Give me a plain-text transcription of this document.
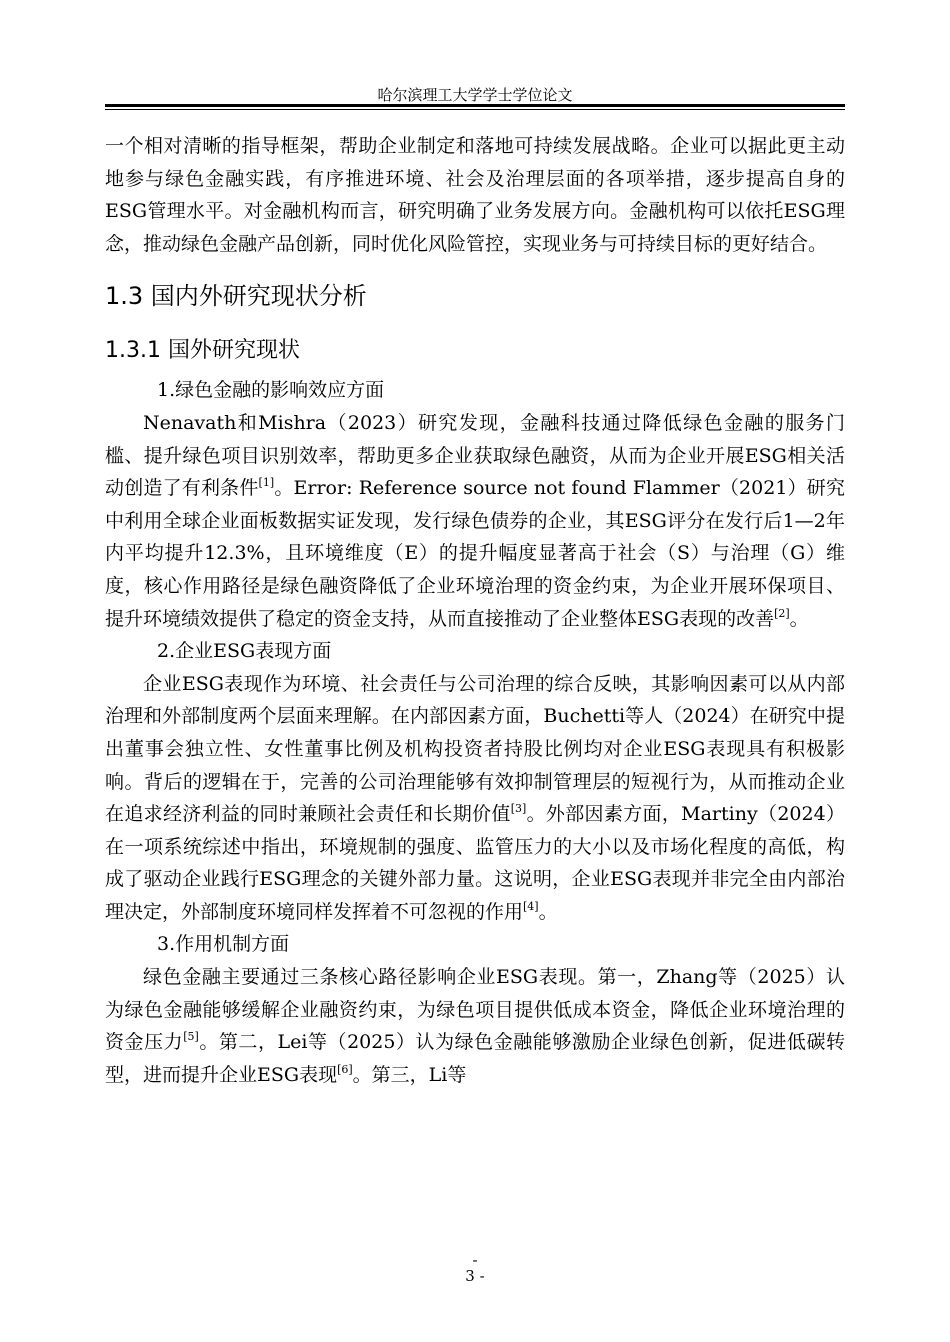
哈尔滨理工大学学士学位论文

一个相对清晰的指导框架，帮助企业制定和落地可持续发展战略。企业可以据此更主动地参与绿色金融实践，有序推进环境、社会及治理层面的各项举措，逐步提高自身的ESG管理水平。对金融机构而言，研究明确了业务发展方向。金融机构可以依托ESG理念，推动绿色金融产品创新，同时优化风险管控，实现业务与可持续目标的更好结合。

1.3 国内外研究现状分析
1.3.1 国外研究现状

1.绿色金融的影响效应方面

Nenavath和Mishra（2023）研究发现，金融科技通过降低绿色金融的服务门槛、提升绿色项目识别效率，帮助更多企业获取绿色融资，从而为企业开展ESG相关活动创造了有利条件[1]。Error: Reference source not found Flammer（2021）研究中利用全球企业面板数据实证发现，发行绿色债券的企业，其ESG评分在发行后1—2年内平均提升12.3%，且环境维度（E）的提升幅度显著高于社会（S）与治理（G）维度，核心作用路径是绿色融资降低了企业环境治理的资金约束，为企业开展环保项目、提升环境绩效提供了稳定的资金支持，从而直接推动了企业整体ESG表现的改善[2]。

2.企业ESG表现方面

企业ESG表现作为环境、社会责任与公司治理的综合反映，其影响因素可以从内部治理和外部制度两个层面来理解。在内部因素方面，Buchetti等人（2024）在研究中提出董事会独立性、女性董事比例及机构投资者持股比例均对企业ESG表现具有积极影响。背后的逻辑在于，完善的公司治理能够有效抑制管理层的短视行为，从而推动企业在追求经济利益的同时兼顾社会责任和长期价值[3]。外部因素方面，Martiny（2024）在一项系统综述中指出，环境规制的强度、监管压力的大小以及市场化程度的高低，构成了驱动企业践行ESG理念的关键外部力量。这说明，企业ESG表现并非完全由内部治理决定，外部制度环境同样发挥着不可忽视的作用[4]。

3.作用机制方面

绿色金融主要通过三条核心路径影响企业ESG表现。第一，Zhang等（2025）认为绿色金融能够缓解企业融资约束，为绿色项目提供低成本资金，降低企业环境治理的资金压力[5]。第二，Lei等（2025）认为绿色金融能够激励企业绿色创新，促进低碳转型，进而提升企业ESG表现[6]。第三，Li等

-
3 -
